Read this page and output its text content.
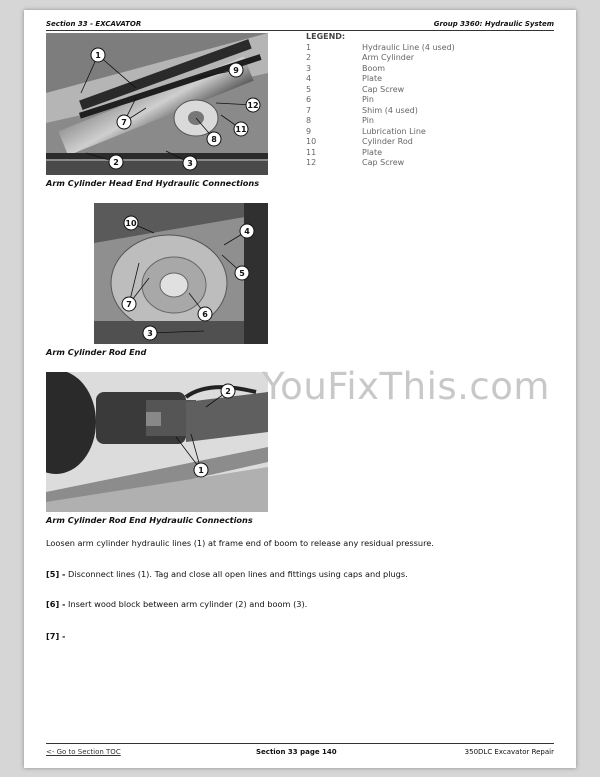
Section 33 - EXCAVATOR	Group 3360: Hydraulic System
1
9
7
12
8
11
2	3
LEGEND:
1	Hydraulic Line (4 used)
2	Arm Cylinder
3	Boom
4	Plate
5	Cap Screw
6	Pin
7	Shim (4 used)
8	Pin
9	Lubrication Line
10	Cylinder Rod
11	Plate
12	Cap Screw
Arm Cylinder Head End Hydraulic Connections
10
4
5
7
6
3
Arm Cylinder Rod End
2
1
YouFixThis.com
Arm Cylinder Rod End Hydraulic Connections
Loosen arm cylinder hydraulic lines (1) at frame end of boom to release any residual pressure.
[5] - Disconnect lines (1). Tag and close all open lines and fittings using caps and plugs.
[6] - Insert wood block between arm cylinder (2) and boom (3).
[7] -
<- Go to Section TOC	Section 33 page 140	350DLC Excavator Repair
